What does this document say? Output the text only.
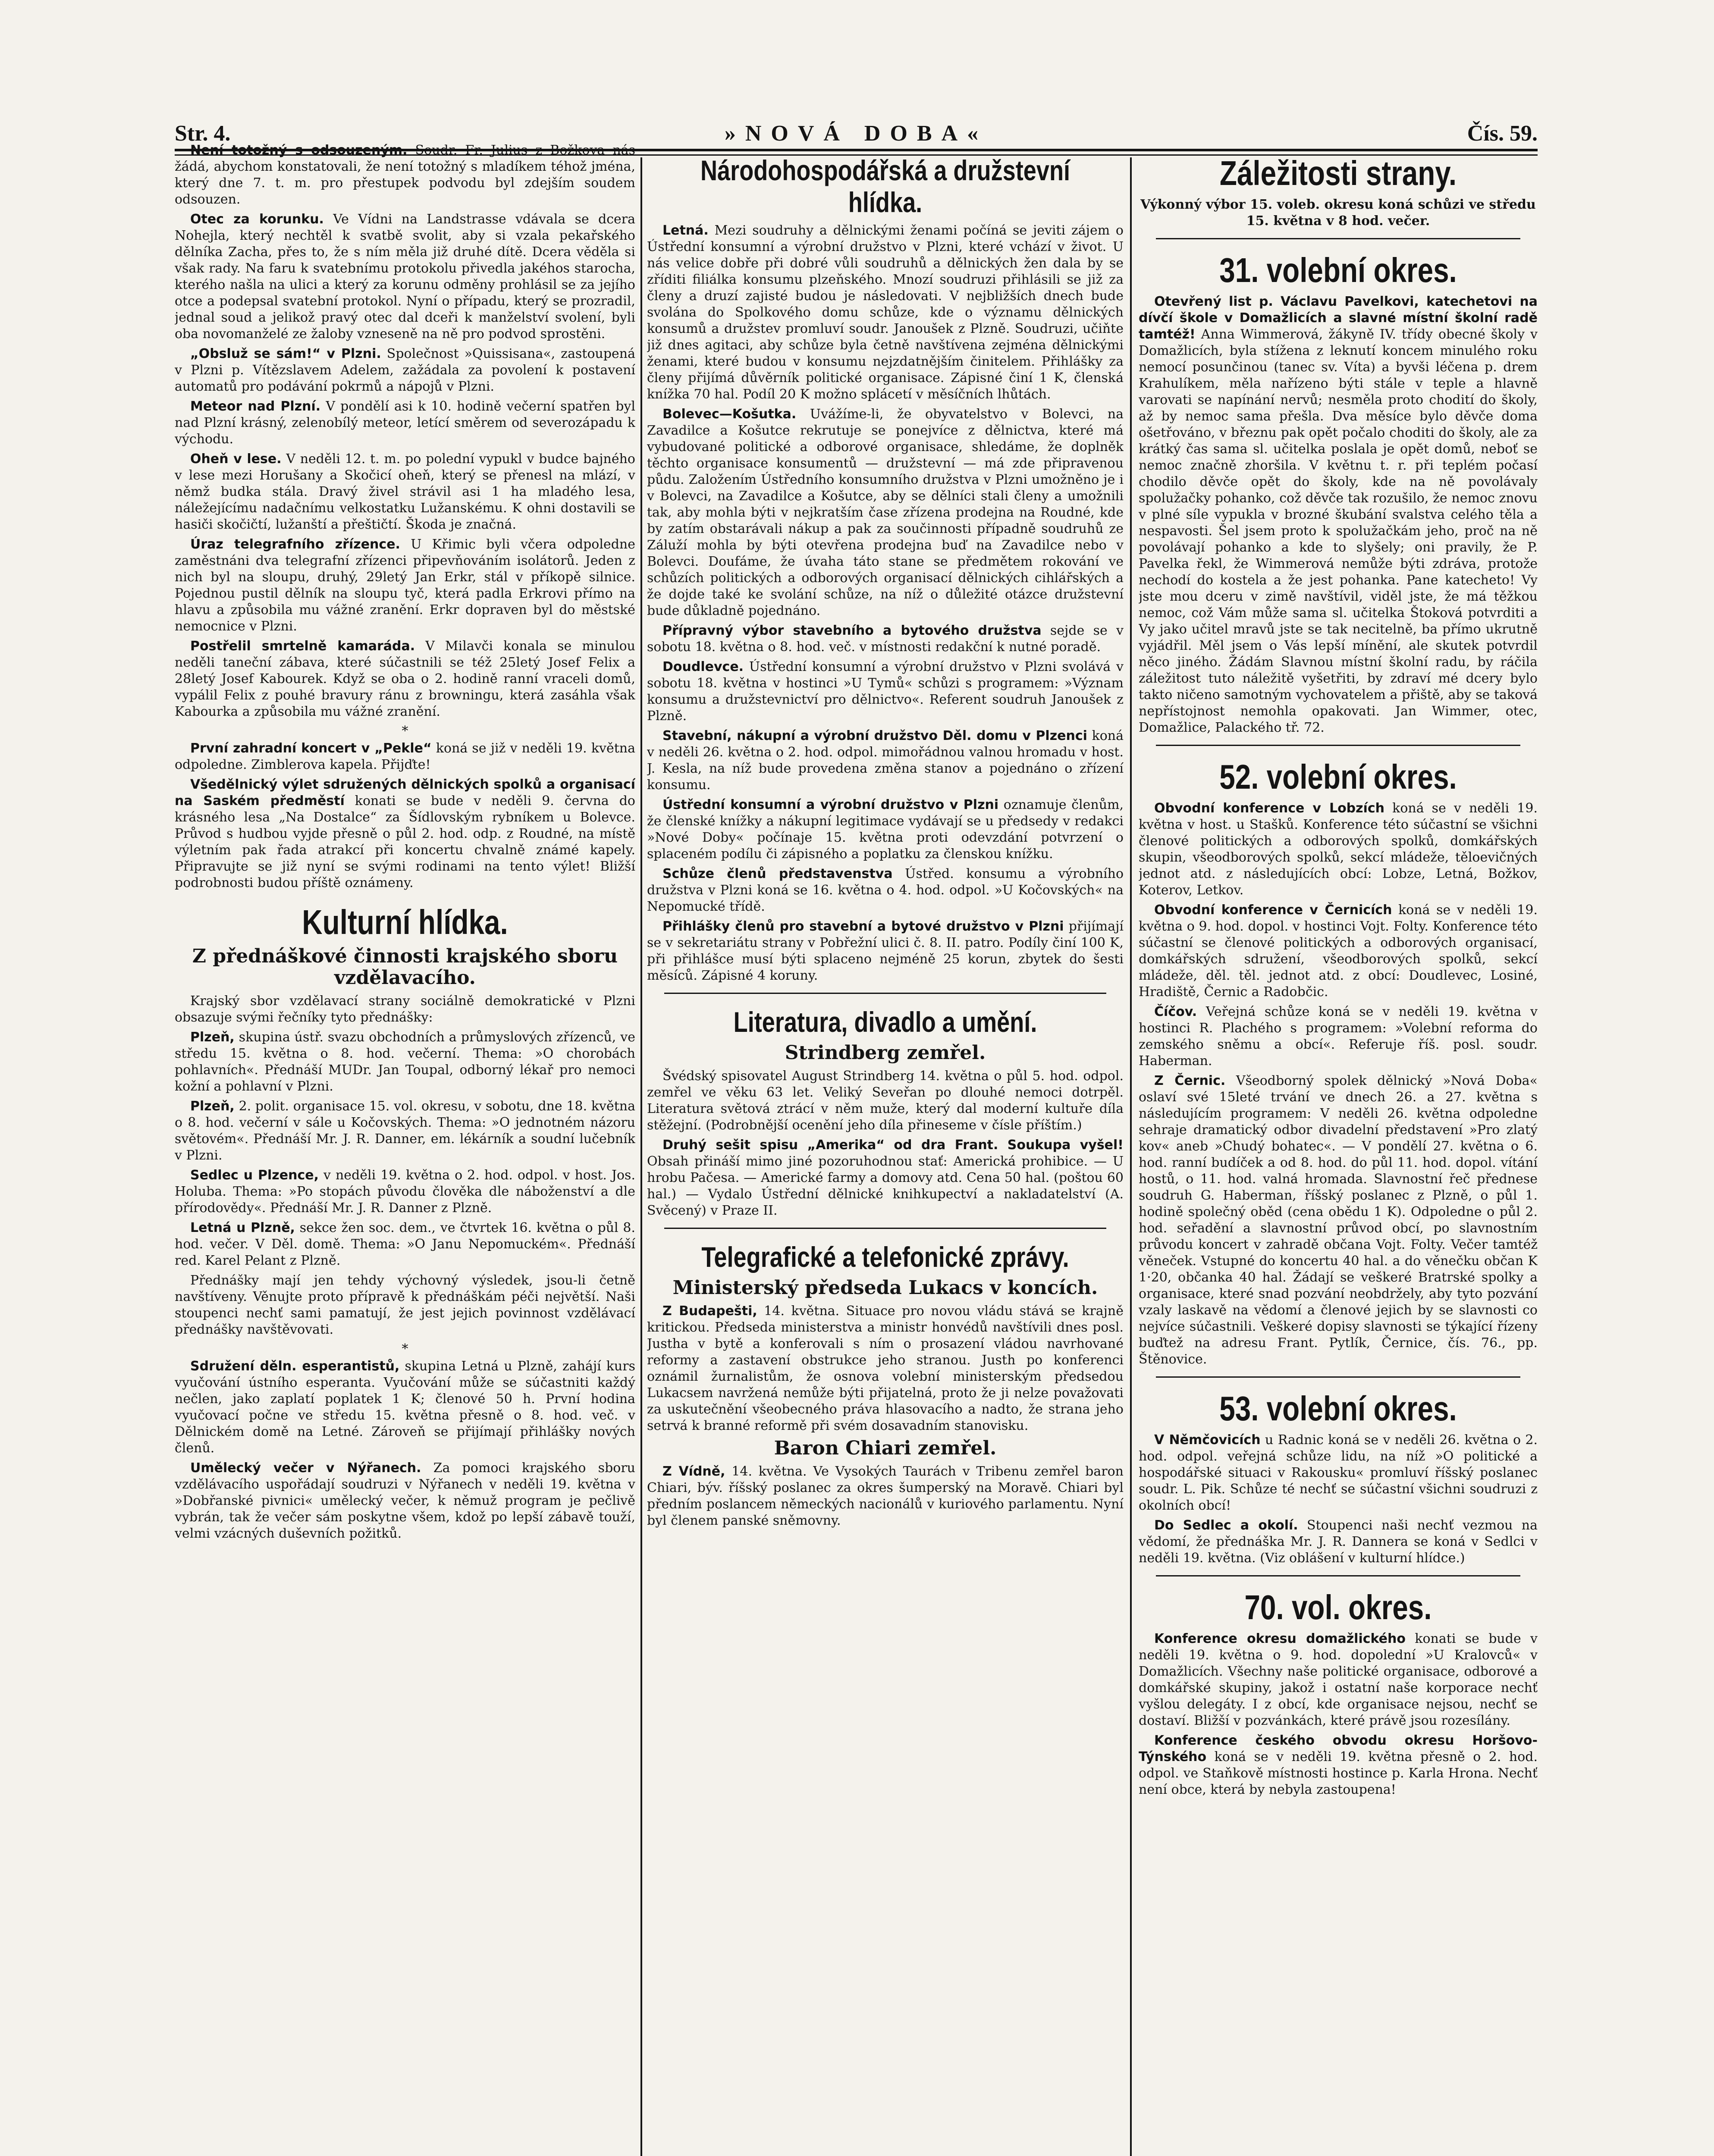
Str. 4.	»NOVÁ DOBA«	Čís. 59.

Není totožný s odsouzeným. Soudr. Fr. Julius z Božkova nás žádá, abychom konstatovali, že není totožný s mladíkem téhož jména, který dne 7. t. m. pro přestupek podvodu byl zdejším soudem odsouzen.

Otec za korunku. Ve Vídni na Landstrasse vdávala se dcera Nohejla, který nechtěl k svatbě svolit, aby si vzala pekařského dělníka Zacha, přes to, že s ním měla již druhé dítě. Dcera věděla si však rady. Na faru k svatebnímu protokolu přivedla jakéhos starocha, kterého našla na ulici a který za korunu odměny prohlásil se za jejího otce a podepsal svatební protokol. Nyní o případu, který se prozradil, jednal soud a jelikož pravý otec dal dceři k manželství svolení, byli oba novomanželé ze žaloby vzneseně na ně pro podvod sprostěni.

„Obsluž se sám!“ v Plzni. Společnost »Quissisana«, zastoupená v Plzni p. Vítězslavem Adelem, zažádala za povolení k postavení automatů pro podávání pokrmů a nápojů v Plzni.

Meteor nad Plzní. V pondělí asi k 10. hodině večerní spatřen byl nad Plzní krásný, zelenobílý meteor, letící směrem od severozápadu k východu.

Oheň v lese. V neděli 12. t. m. po polední vypukl v budce bajného v lese mezi Horušany a Skočicí oheň, který se přenesl na mlází, v němž budka stála. Dravý živel strávil asi 1 ha mladého lesa, náležejícímu nadačnímu velkostatku Lužanskému. K ohni dostavili se hasiči skočičtí, lužanští a přeštičtí. Škoda je značná.

Úraz telegrafního zřízence. U Křimic byli včera odpoledne zaměstnáni dva telegrafní zřízenci připevňováním isolátorů. Jeden z nich byl na sloupu, druhý, 29letý Jan Erkr, stál v příkopě silnice. Pojednou pustil dělník na sloupu tyč, která padla Erkrovi přímo na hlavu a způsobila mu vážné zranění. Erkr dopraven byl do městské nemocnice v Plzni.

Postřelil smrtelně kamaráda. V Milavči konala se minulou neděli taneční zábava, které súčastnili se též 25letý Josef Felix a 28letý Josef Kabourek. Když se oba o 2. hodině ranní vraceli domů, vypálil Felix z pouhé bravury ránu z browningu, která zasáhla však Kabourka a způsobila mu vážné zranění.

*

První zahradní koncert v „Pekle“ koná se již v neděli 19. května odpoledne. Zimblerova kapela. Přijďte!

Všedělnický výlet sdružených dělnických spolků a organisací na Saském předměstí konati se bude v neděli 9. června do krásného lesa „Na Dostalce“ za Šídlovským rybníkem u Bolevce. Průvod s hudbou vyjde přesně o půl 2. hod. odp. z Roudné, na místě výletním pak řada atrakcí při koncertu chvalně známé kapely. Připravujte se již nyní se svými rodinami na tento výlet! Bližší podrobnosti budou příště oznámeny.

Kulturní hlídka.
Z přednáškové činnosti krajského sboru vzdělavacího.

Krajský sbor vzdělavací strany sociálně demokratické v Plzni obsazuje svými řečníky tyto přednášky:

Plzeň, skupina ústř. svazu obchodních a průmyslových zřízenců, ve středu 15. května o 8. hod. večerní. Thema: »O chorobách pohlavních«. Přednáší MUDr. Jan Toupal, odborný lékař pro nemoci kožní a pohlavní v Plzni.

Plzeň, 2. polit. organisace 15. vol. okresu, v sobotu, dne 18. května o 8. hod. večerní v sále u Kočovských. Thema: »O jednotném názoru světovém«. Přednáší Mr. J. R. Danner, em. lékárník a soudní lučebník v Plzni.

Sedlec u Plzence, v neděli 19. května o 2. hod. odpol. v host. Jos. Holuba. Thema: »Po stopách původu člověka dle náboženství a dle přírodovědy«. Přednáší Mr. J. R. Danner z Plzně.

Letná u Plzně, sekce žen soc. dem., ve čtvrtek 16. května o půl 8. hod. večer. V Děl. domě. Thema: »O Janu Nepomuckém«. Přednáší red. Karel Pelant z Plzně.

Přednášky mají jen tehdy výchovný výsledek, jsou-li četně navštíveny. Věnujte proto přípravě k přednáškám péči největší. Naši stoupenci nechť sami pamatují, že jest jejich povinnost vzdělávací přednášky navštěvovati.

*

Sdružení děln. esperantistů, skupina Letná u Plzně, zahájí kurs vyučování ústního esperanta. Vyučování může se súčastniti každý nečlen, jako zaplatí poplatek 1 K; členové 50 h. První hodina vyučovací počne ve středu 15. května přesně o 8. hod. več. v Dělnickém domě na Letné. Zároveň se přijímají přihlášky nových členů.

Umělecký večer v Nýřanech. Za pomoci krajského sboru vzdělávacího uspořádají soudruzi v Nýřanech v neděli 19. května v »Dobřanské pivnici« umělecký večer, k němuž program je pečlivě vybrán, tak že večer sám poskytne všem, kdož po lepší zábavě touží, velmi vzácných duševních požitků.

Národohospodářská a družstevní hlídka.

Letná. Mezi soudruhy a dělnickými ženami počíná se jeviti zájem o Ústřední konsumní a výrobní družstvo v Plzni, které vchází v život. U nás velice dobře při dobré vůli soudruhů a dělnických žen dala by se zříditi filiálka konsumu plzeňského. Mnozí soudruzi přihlásili se již za členy a druzí zajisté budou je následovati. V nejbližších dnech bude svolána do Spolkového domu schůze, kde o významu dělnických konsumů a družstev promluví soudr. Janoušek z Plzně. Soudruzi, učiňte již dnes agitaci, aby schůze byla četně navštívena zejména dělnickými ženami, které budou v konsumu nejzdatnějším činitelem. Přihlášky za členy přijímá důvěrník politické organisace. Zápisné činí 1 K, členská knížka 70 hal. Podíl 20 K možno splácetí v měsíčních lhůtách.

Bolevec—Košutka. Uvážíme-li, že obyvatelstvo v Bolevci, na Zavadilce a Košutce rekrutuje se ponejvíce z dělnictva, které má vybudované politické a odborové organisace, shledáme, že doplněk těchto organisace konsumentů — družstevní — má zde připravenou půdu. Založením Ústředního konsumního družstva v Plzni umožněno je i v Bolevci, na Zavadilce a Košutce, aby se dělníci stali členy a umožnili tak, aby mohla býti v nejkratším čase zřízena prodejna na Roudné, kde by zatím obstarávali nákup a pak za součinnosti případně soudruhů ze Záluží mohla by býti otevřena prodejna buď na Zavadilce nebo v Bolevci. Doufáme, že úvaha táto stane se předmětem rokování ve schůzích politických a odborových organisací dělnických cihlářských a že dojde také ke svolání schůze, na níž o důležité otázce družstevní bude důkladně pojednáno.

Přípravný výbor stavebního a bytového družstva sejde se v sobotu 18. května o 8. hod. več. v místnosti redakční k nutné poradě.

Doudlevce. Ústřední konsumní a výrobní družstvo v Plzni svolává v sobotu 18. května v hostinci »U Tymů« schůzi s programem: »Význam konsumu a družstevnictví pro dělnictvo«. Referent soudruh Janoušek z Plzně.

Stavební, nákupní a výrobní družstvo Děl. domu v Plzenci koná v neděli 26. května o 2. hod. odpol. mimořádnou valnou hromadu v host. J. Kesla, na níž bude provedena změna stanov a pojednáno o zřízení konsumu.

Ústřední konsumní a výrobní družstvo v Plzni oznamuje členům, že členské knížky a nákupní legitimace vydávají se u předsedy v redakci »Nové Doby« počínaje 15. května proti odevzdání potvrzení o splaceném podílu či zápisného a poplatku za členskou knížku.

Schůze členů představenstva Ústřed. konsumu a výrobního družstva v Plzni koná se 16. května o 4. hod. odpol. »U Kočovských« na Nepomucké třídě.

Přihlášky členů pro stavební a bytové družstvo v Plzni přijímají se v sekretariátu strany v Pobřežní ulici č. 8. II. patro. Podíly činí 100 K, při přihlášce musí býti splaceno nejméně 25 korun, zbytek do šesti měsíců. Zápisné 4 koruny.

Literatura, divadlo a umění.
Strindberg zemřel.

Švédský spisovatel August Strindberg 14. května o půl 5. hod. odpol. zemřel ve věku 63 let. Veliký Seveřan po dlouhé nemoci dotrpěl. Literatura světová ztrácí v něm muže, který dal moderní kultuře díla stěžejní. (Podrobnější ocenění jeho díla přineseme v čísle příštím.)

Druhý sešit spisu „Amerika“ od dra Frant. Soukupa vyšel! Obsah přináší mimo jiné pozoruhodnou stať: Americká prohibice. — U hrobu Pačesa. — Americké farmy a domovy atd. Cena 50 hal. (poštou 60 hal.) — Vydalo Ústřední dělnické knihkupectví a nakladatelství (A. Svěcený) v Praze II.

Telegrafické a telefonické zprávy.
Ministerský předseda Lukacs v koncích.

Z Budapešti, 14. května. Situace pro novou vládu stává se krajně kritickou. Předseda ministerstva a ministr honvédů navštívili dnes posl. Justha v bytě a konferovali s ním o prosazení vládou navrhované reformy a zastavení obstrukce jeho stranou. Justh po konferenci oznámil žurnalistům, že osnova volební ministerským předsedou Lukacsem navržená nemůže býti přijatelná, proto že ji nelze považovati za uskutečnění všeobecného práva hlasovacího a nadto, že strana jeho setrvá k branné reformě při svém dosavadním stanovisku.

Baron Chiari zemřel.

Z Vídně, 14. května. Ve Vysokých Taurách v Tribenu zemřel baron Chiari, býv. říšský poslanec za okres šumperský na Moravě. Chiari byl předním poslancem německých nacionálů v kuriového parlamentu. Nyní byl členem panské sněmovny.

Záležitosti strany.

Výkonný výbor 15. voleb. okresu koná schůzi ve středu 15. května v 8 hod. večer.

31. volební okres.

Otevřený list p. Václavu Pavelkovi, katechetovi na dívčí škole v Domažlicích a slavné místní školní radě tamtéž! Anna Wimmerová, žákyně IV. třídy obecné školy v Domažlicích, byla stížena z leknutí koncem minulého roku nemocí posunčinou (tanec sv. Víta) a byvši léčena p. drem Krahulíkem, měla nařízeno býti stále v teple a hlavně varovati se napínání nervů; nesměla proto chodití do školy, až by nemoc sama přešla. Dva měsíce bylo děvče doma ošetřováno, v březnu pak opět počalo choditi do školy, ale za krátký čas sama sl. učitelka poslala je opět domů, neboť se nemoc značně zhoršila. V květnu t. r. při teplém počasí chodilo děvče opět do školy, kde na ně povolávaly spolužačky pohanko, což děvče tak rozušilo, že nemoc znovu v plné síle vypukla v brozné škubání svalstva celého těla a nespavosti. Šel jsem proto k spolužačkám jeho, proč na ně povolávají pohanko a kde to slyšely; oni pravily, že P. Pavelka řekl, že Wimmerová nemůže býti zdráva, protože nechodí do kostela a že jest pohanka. Pane katecheto! Vy jste mou dceru v zimě navštívil, viděl jste, že má těžkou nemoc, což Vám může sama sl. učitelka Štoková potvrditi a Vy jako učitel mravů jste se tak necitelně, ba přímo ukrutně vyjádřil. Měl jsem o Vás lepší mínění, ale skutek potvrdil něco jiného. Žádám Slavnou místní školní radu, by ráčila záležitost tuto náležitě vyšetřiti, by zdraví mé dcery bylo takto ničeno samotným vychovatelem a přiště, aby se taková nepřístojnost nemohla opakovati. Jan Wimmer, otec, Domažlice, Palackého tř. 72.

52. volební okres.

Obvodní konference v Lobzích koná se v neděli 19. května v host. u Stašků. Konference této súčastní se všichni členové politických a odborových spolků, domkářských skupin, všeodborových spolků, sekcí mládeže, těloevičných jednot atd. z následujících obcí: Lobze, Letná, Božkov, Koterov, Letkov.

Obvodní konference v Černicích koná se v neděli 19. května o 9. hod. dopol. v hostinci Vojt. Folty. Konference této súčastní se členové politických a odborových organisací, domkářských sdružení, všeodborových spolků, sekcí mládeže, děl. těl. jednot atd. z obcí: Doudlevec, Losiné, Hradiště, Černic a Radobčic.

Číčov. Veřejná schůze koná se v neděli 19. května v hostinci R. Plachého s programem: »Volební reforma do zemského sněmu a obcí«. Referuje říš. posl. soudr. Haberman.

Z Černic. Všeodborný spolek dělnický »Nová Doba« oslaví své 15leté trvání ve dnech 26. a 27. května s následujícím programem: V neděli 26. května odpoledne sehraje dramatický odbor divadelní představení »Pro zlatý kov« aneb »Chudý bohatec«. — V pondělí 27. května o 6. hod. ranní budíček a od 8. hod. do půl 11. hod. dopol. vítání hostů, o 11. hod. valná hromada. Slavnostní řeč přednese soudruh G. Haberman, říšský poslanec z Plzně, o půl 1. hodině společný oběd (cena obědu 1 K). Odpoledne o půl 2. hod. seřadění a slavnostní průvod obcí, po slavnostním průvodu koncert v zahradě občana Vojt. Folty. Večer tamtéž věneček. Vstupné do koncertu 40 hal. a do věnečku občan K 1·20, občanka 40 hal. Žádají se veškeré Bratrské spolky a organisace, které snad pozvání neobdržely, aby tyto pozvání vzaly laskavě na vědomí a členové jejich by se slavnosti co nejvíce súčastnili. Veškeré dopisy slavnosti se týkající řízeny buďtež na adresu Frant. Pytlík, Černice, čís. 76., pp. Štěnovice.

53. volební okres.

V Němčovicích u Radnic koná se v neděli 26. května o 2. hod. odpol. veřejná schůze lidu, na níž »O politické a hospodářské situaci v Rakousku« promluví říšský poslanec soudr. L. Pik. Schůze té nechť se súčastní všichni soudruzi z okolních obcí!

Do Sedlec a okolí. Stoupenci naši nechť vezmou na vědomí, že přednáška Mr. J. R. Dannera se koná v Sedlci v neděli 19. května. (Viz oblášení v kulturní hlídce.)

70. vol. okres.

Konference okresu domažlického konati se bude v neděli 19. května o 9. hod. dopolední »U Kralovců« v Domažlicích. Všechny naše politické organisace, odborové a domkářské skupiny, jakož i ostatní naše korporace nechť vyšlou delegáty. I z obcí, kde organisace nejsou, nechť se dostaví. Bližší v pozvánkách, které právě jsou rozesílány.

Konference českého obvodu okresu Horšovo-Týnského koná se v neděli 19. května přesně o 2. hod. odpol. ve Staňkově místnosti hostince p. Karla Hrona. Nechť není obce, která by nebyla zastoupena!
